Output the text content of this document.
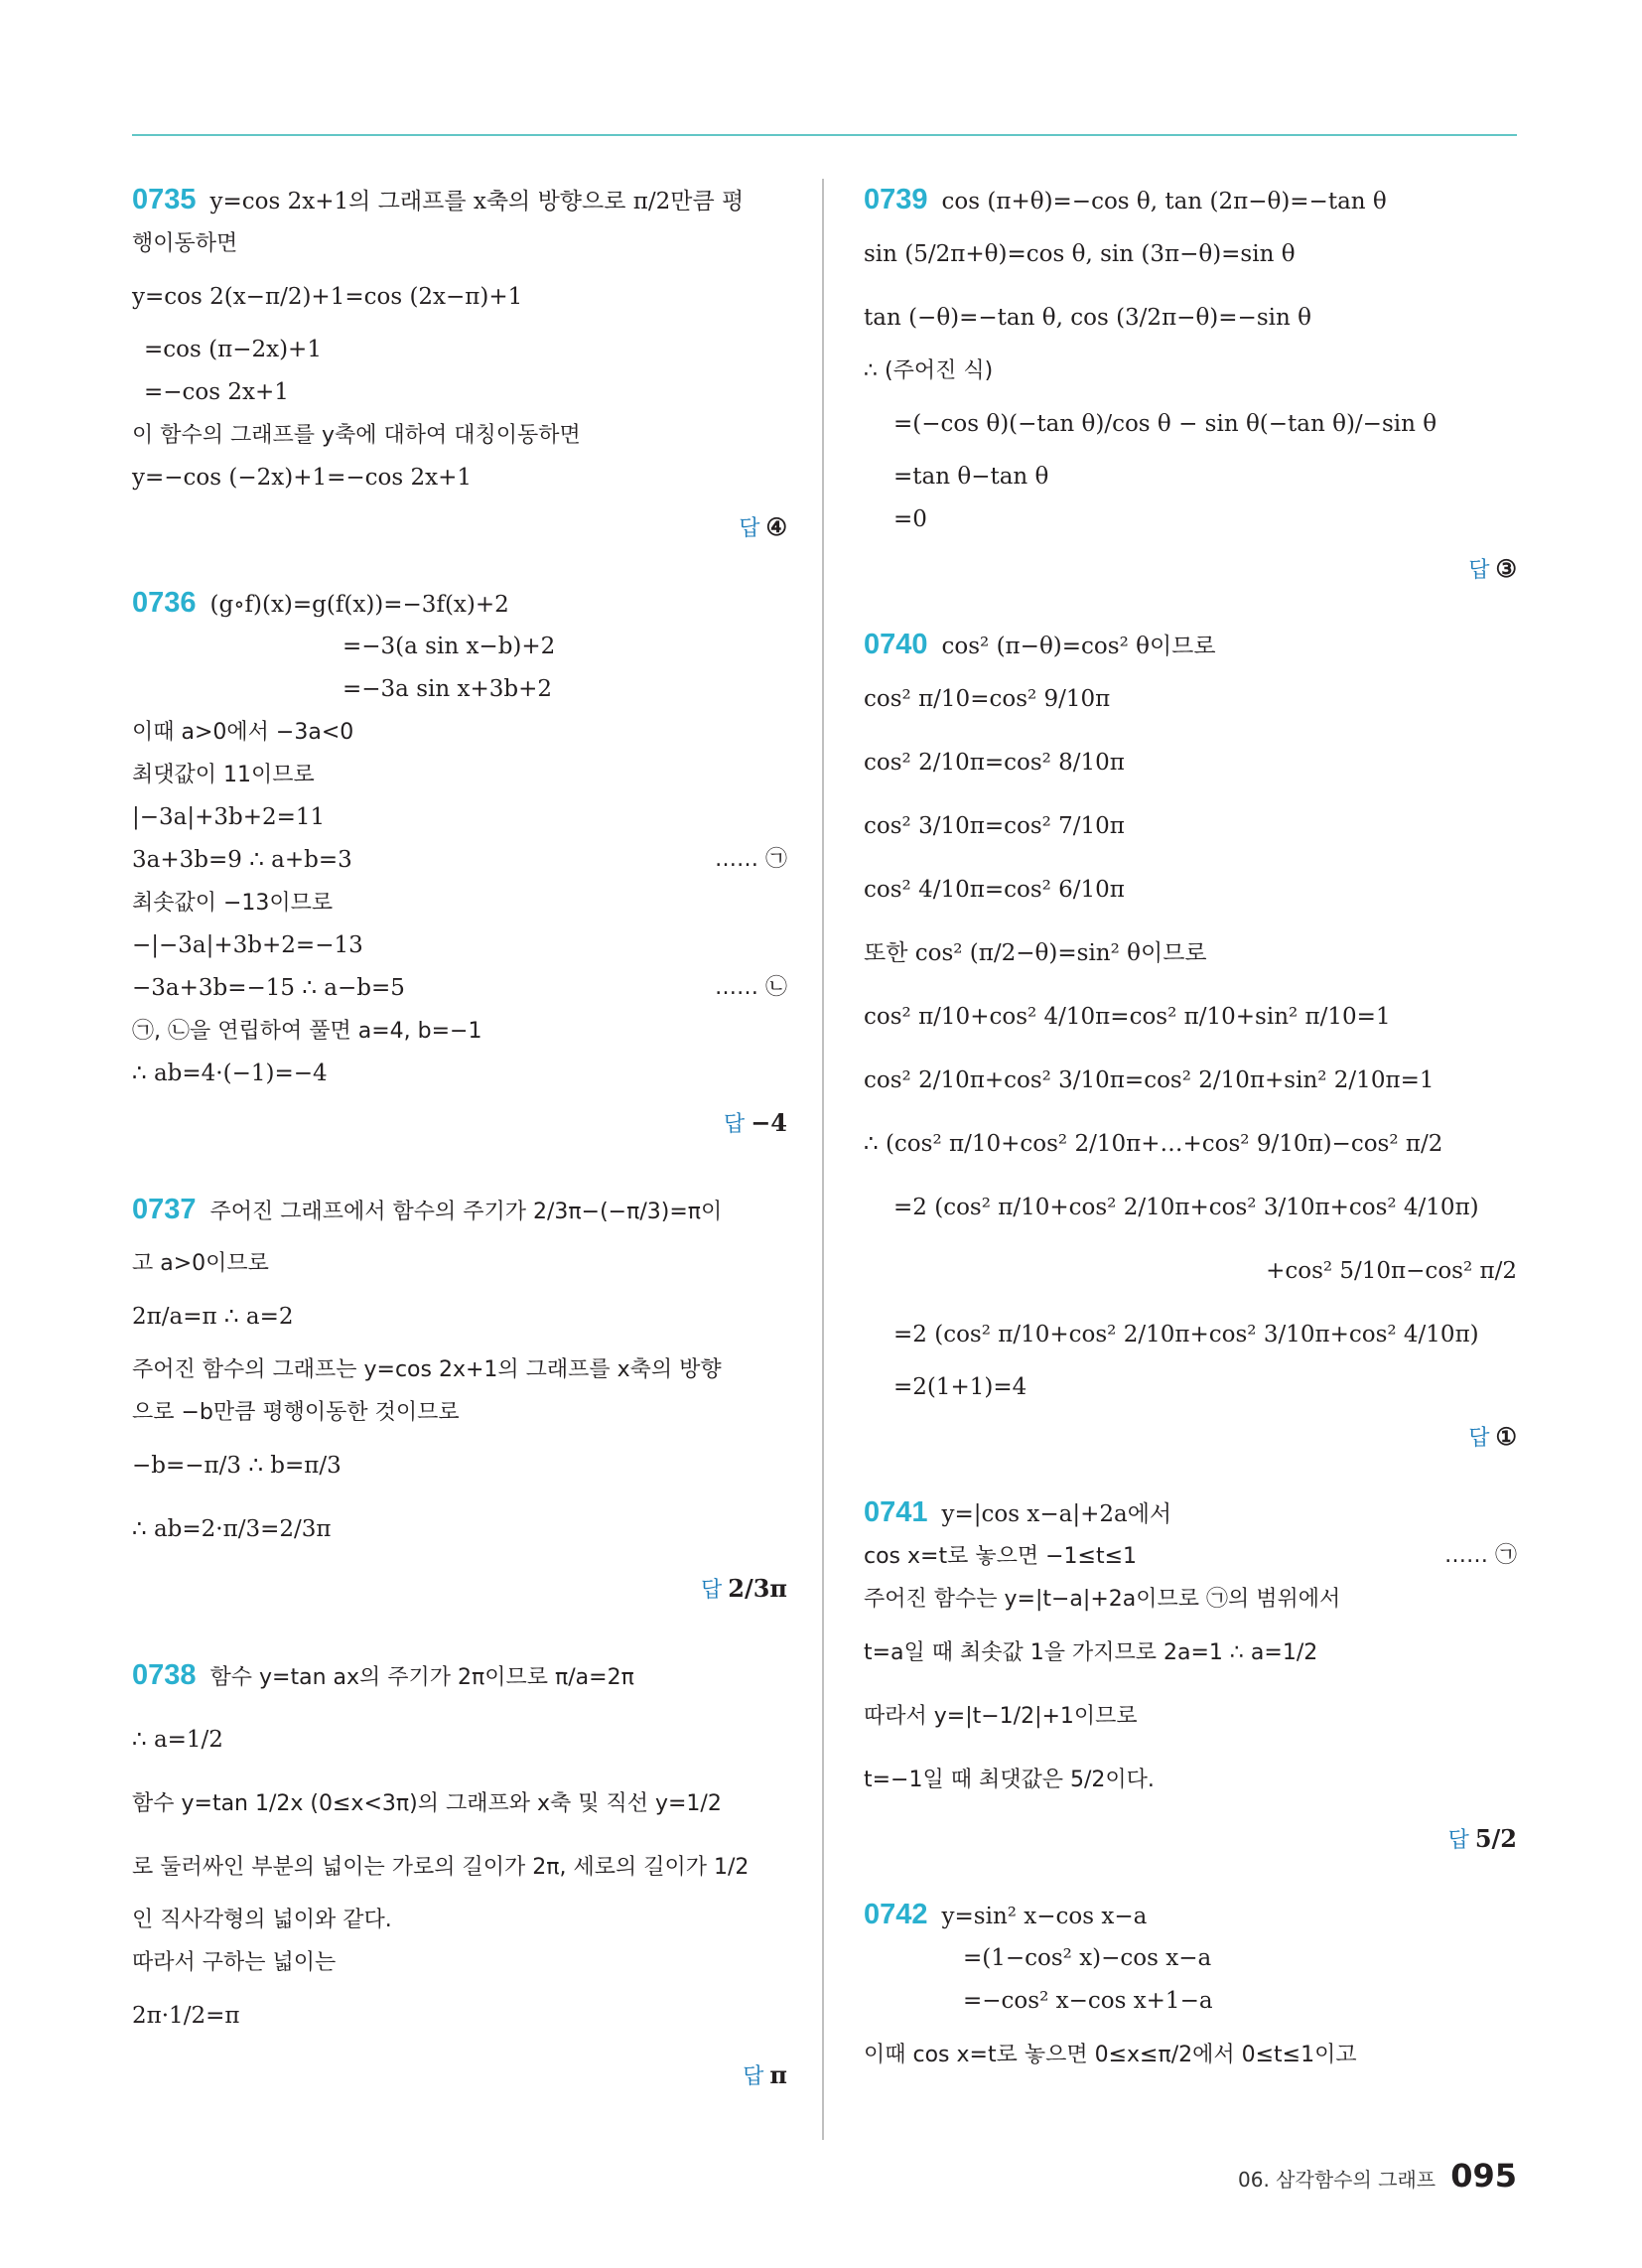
0735 y=cos 2x+1의 그래프를 x축의 방향으로 π/2만큼 평
행이동하면
y=cos 2(x−π/2)+1=cos (2x−π)+1
=cos (π−2x)+1
=−cos 2x+1
이 함수의 그래프를 y축에 대하여 대칭이동하면
y=−cos (−2x)+1=−cos 2x+1
답 ④
0736 (g∘f)(x)=g(f(x))=−3f(x)+2
=−3(a sin x−b)+2
=−3a sin x+3b+2
이때 a>0에서 −3a<0
최댓값이 11이므로
|−3a|+3b+2=11
3a+3b=9 ∴ a+b=3	…… ㉠
최솟값이 −13이므로
−|−3a|+3b+2=−13
−3a+3b=−15 ∴ a−b=5	…… ㉡
㉠, ㉡을 연립하여 풀면 a=4, b=−1
∴ ab=4·(−1)=−4
답 −4
0737 주어진 그래프에서 함수의 주기가 2/3π−(−π/3)=π이
고 a>0이므로
2π/a=π ∴ a=2
주어진 함수의 그래프는 y=cos 2x+1의 그래프를 x축의 방향
으로 −b만큼 평행이동한 것이므로
−b=−π/3 ∴ b=π/3
∴ ab=2·π/3=2/3π
답 2/3π
0738 함수 y=tan ax의 주기가 2π이므로 π/a=2π
∴ a=1/2
함수 y=tan 1/2x (0≤x<3π)의 그래프와 x축 및 직선 y=1/2
로 둘러싸인 부분의 넓이는 가로의 길이가 2π, 세로의 길이가 1/2
인 직사각형의 넓이와 같다.
따라서 구하는 넓이는
2π·1/2=π
답 π
0739 cos (π+θ)=−cos θ, tan (2π−θ)=−tan θ
sin (5/2π+θ)=cos θ, sin (3π−θ)=sin θ
tan (−θ)=−tan θ, cos (3/2π−θ)=−sin θ
∴ (주어진 식)
=(−cos θ)(−tan θ)/cos θ − sin θ(−tan θ)/−sin θ
=tan θ−tan θ
=0
답 ③
0740 cos² (π−θ)=cos² θ이므로
cos² π/10=cos² 9/10π
cos² 2/10π=cos² 8/10π
cos² 3/10π=cos² 7/10π
cos² 4/10π=cos² 6/10π
또한 cos² (π/2−θ)=sin² θ이므로
cos² π/10+cos² 4/10π=cos² π/10+sin² π/10=1
cos² 2/10π+cos² 3/10π=cos² 2/10π+sin² 2/10π=1
∴ (cos² π/10+cos² 2/10π+…+cos² 9/10π)−cos² π/2
=2 (cos² π/10+cos² 2/10π+cos² 3/10π+cos² 4/10π)
+cos² 5/10π−cos² π/2
=2 (cos² π/10+cos² 2/10π+cos² 3/10π+cos² 4/10π)
=2(1+1)=4
답 ①
0741 y=|cos x−a|+2a에서
cos x=t로 놓으면 −1≤t≤1	…… ㉠
주어진 함수는 y=|t−a|+2a이므로 ㉠의 범위에서
t=a일 때 최솟값 1을 가지므로 2a=1 ∴ a=1/2
따라서 y=|t−1/2|+1이므로
t=−1일 때 최댓값은 5/2이다.
답 5/2
0742 y=sin² x−cos x−a
=(1−cos² x)−cos x−a
=−cos² x−cos x+1−a
이때 cos x=t로 놓으면 0≤x≤π/2에서 0≤t≤1이고
06. 삼각함수의 그래프 095
